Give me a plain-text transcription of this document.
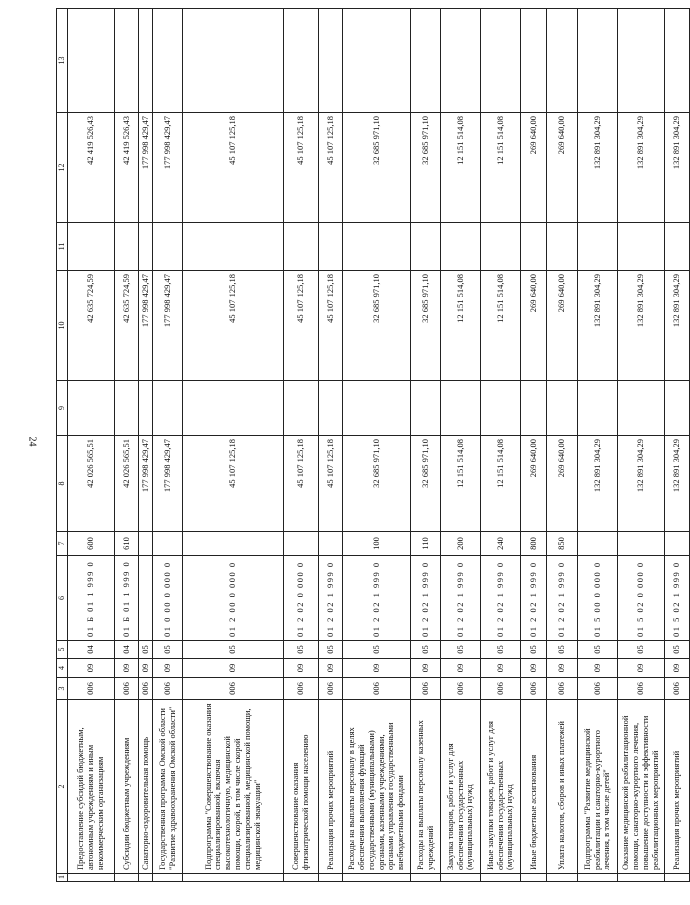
24
1	2	3	4	5	6	7	8	9	10	11	12	13
	Предоставление субсидий бюджетным, автономным учреждениям и иным некоммерческим организациям	006	09	04	01 Б 01 1 999 0	600	42 026 565,51		42 635 724,59		42 419 526,43	
	Субсидии бюджетным учреждениям	006	09	04	01 Б 01 1 999 0	610	42 026 565,51		42 635 724,59		42 419 526,43	
	Санаторно-оздоровительная помощь	006	09	05			177 998 429,47		177 998 429,47		177 998 429,47	
	Государственная программа Омской области "Развитие здравоохранения Омской области"	006	09	05	01 0 00 0 000 0		177 998 429,47		177 998 429,47		177 998 429,47	
	Подпрограмма "Совершенствование оказания специализированной, включая высокотехнологичную, медицинской помощи, скорой, в том числе скорой специализированной, медицинской помощи, медицинской эвакуации"	006	09	05	01 2 00 0 000 0		45 107 125,18		45 107 125,18		45 107 125,18	
	Совершенствование оказания фтизиатрической помощи населению	006	09	05	01 2 02 0 000 0		45 107 125,18		45 107 125,18		45 107 125,18	
	Реализация прочих мероприятий	006	09	05	01 2 02 1 999 0		45 107 125,18		45 107 125,18		45 107 125,18	
	Расходы на выплаты персоналу в целях обеспечения выполнения функций государственными (муниципальными) органами, казенными учреждениями, органами управления государственными внебюджетными фондами	006	09	05	01 2 02 1 999 0	100	32 685 971,10		32 685 971,10		32 685 971,10	
	Расходы на выплаты персоналу казенных учреждений	006	09	05	01 2 02 1 999 0	110	32 685 971,10		32 685 971,10		32 685 971,10	
	Закупка товаров, работ и услуг для обеспечения государственных (муниципальных) нужд	006	09	05	01 2 02 1 999 0	200	12 151 514,08		12 151 514,08		12 151 514,08	
	Иные закупки товаров, работ и услуг для обеспечения государственных (муниципальных) нужд	006	09	05	01 2 02 1 999 0	240	12 151 514,08		12 151 514,08		12 151 514,08	
	Иные бюджетные ассигнования	006	09	05	01 2 02 1 999 0	800	269 640,00		269 640,00		269 640,00	
	Уплата налогов, сборов и иных платежей	006	09	05	01 2 02 1 999 0	850	269 640,00		269 640,00		269 640,00	
	Подпрограмма "Развитие медицинской реабилитации и санаторно-курортного лечения, в том числе детей"	006	09	05	01 5 00 0 000 0		132 891 304,29		132 891 304,29		132 891 304,29	
	Оказание медицинской реабилитационной помощи, санаторно-курортного лечения, повышение доступности и эффективности реабилитационных мероприятий	006	09	05	01 5 02 0 000 0		132 891 304,29		132 891 304,29		132 891 304,29	
	Реализация прочих мероприятий	006	09	05	01 5 02 1 999 0		132 891 304,29		132 891 304,29		132 891 304,29	
